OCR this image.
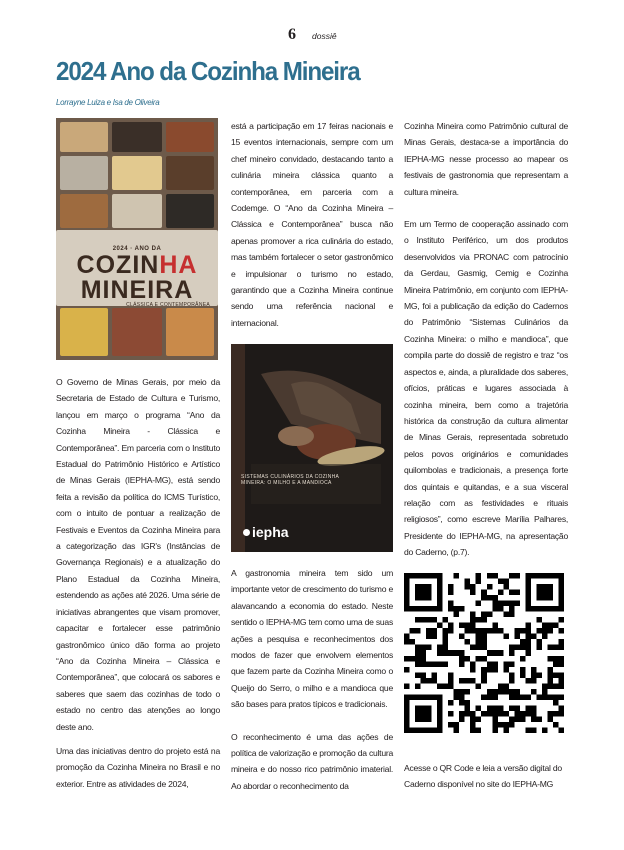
6 dossiê
2024 Ano da Cozinha Mineira
Lorrayne Luiza e Isa de Oliveira
2024 · ANO DA
COZINHA
MINEIRA
CLÁSSICA E CONTEMPORÂNEA

O Governo de Minas Gerais, por meio da Secretaria de Estado de Cultura e Turismo, lançou em março o programa “Ano da Cozinha Mineira - Clássica e Contemporânea”. Em parceria com o Instituto Estadual do Patrimônio Histórico e Artístico de Minas Gerais (IEPHA-MG), está sendo feita a revisão da política do ICMS Turístico, com o intuito de pontuar a realização de Festivais e Eventos da Cozinha Mineira para a categorização das IGR's (Instâncias de Governança Regionais) e a atualização do Plano Estadual da Cozinha Mineira, estendendo as ações até 2026. Uma série de iniciativas abrangentes que visam promover, capacitar e fortalecer esse patrimônio gastronômico único dão forma ao projeto “Ano da Cozinha Mineira – Clássica e Contemporânea”, que colocará os sabores e saberes que saem das cozinhas de todo o estado no centro das atenções ao longo deste ano.

Uma das iniciativas dentro do projeto está na promoção da Cozinha Mineira no Brasil e no exterior. Entre as atividades de 2024,

está a participação em 17 feiras nacionais e 15 eventos internacionais, sempre com um chef mineiro convidado, destacando tanto a culinária mineira clássica quanto a contemporânea, em parceria com a Codemge. O “Ano da Cozinha Mineira – Clássica e Contemporânea” busca não apenas promover a rica culinária do estado, mas também fortalecer o setor gastronômico e impulsionar o turismo no estado, garantindo que a Cozinha Mineira continue sendo uma referência nacional e internacional.

SISTEMAS CULINÁRIOS DA COZINHA MINEIRA: O MILHO E A MANDIOCA
iepha

A gastronomia mineira tem sido um importante vetor de crescimento do turismo e alavancando a economia do estado. Neste sentido o IEPHA-MG tem como uma de suas ações a pesquisa e reconhecimentos dos modos de fazer que envolvem elementos que fazem parte da Cozinha Mineira como o Queijo do Serro, o milho e a mandioca que são bases para pratos típicos e tradicionais.

O reconhecimento é uma das ações de política de valorização e promoção da cultura mineira e do nosso rico patrimônio imaterial. Ao abordar o reconhecimento da

Cozinha Mineira como Patrimônio cultural de Minas Gerais, destaca-se a importância do IEPHA-MG nesse processo ao mapear os festivais de gastronomia que representam a cultura mineira.

Em um Termo de cooperação assinado com o Instituto Periférico, um dos produtos desenvolvidos via PRONAC com patrocínio da Gerdau, Gasmig, Cemig e Cozinha Mineira Patrimônio, em conjunto com IEPHA-MG, foi a publicação da edição do Cadernos do Patrimônio “Sistemas Culinários da Cozinha Mineira: o milho e mandioca”, que compila parte do dossiê de registro e traz “os aspectos e, ainda, a pluralidade dos saberes, ofícios, práticas e lugares associada à cozinha mineira, bem como a trajetória histórica da construção da cultura alimentar de Minas Gerais, representada sobretudo pelos povos originários e comunidades quilombolas e tradicionais, a presença forte dos quintais e quitandas, e a sua visceral relação com as festividades e rituais religiosos”, como escreve Marília Palhares, Presidente do IEPHA-MG, na apresentação do Caderno, (p.7).

Acesse o QR Code e leia a versão digital do Caderno disponível no site do IEPHA-MG
